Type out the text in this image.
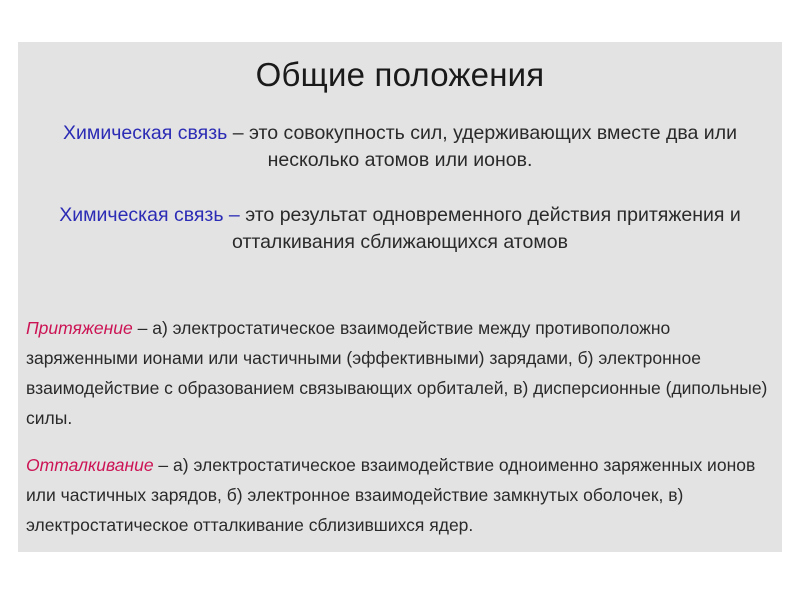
Общие положения
Химическая связь – это совокупность сил, удерживающих вместе два или несколько атомов или ионов.
Химическая связь – это результат одновременного действия притяжения и отталкивания сближающихся атомов
Притяжение – а) электростатическое взаимодействие между противоположно заряженными ионами или частичными (эффективными) зарядами, б) электронное взаимодействие с образованием связывающих орбиталей, в) дисперсионные (дипольные) силы.
Отталкивание – а) электростатическое взаимодействие одноименно заряженных ионов или частичных зарядов, б) электронное взаимодействие замкнутых оболочек, в) электростатическое отталкивание сблизившихся ядер.
